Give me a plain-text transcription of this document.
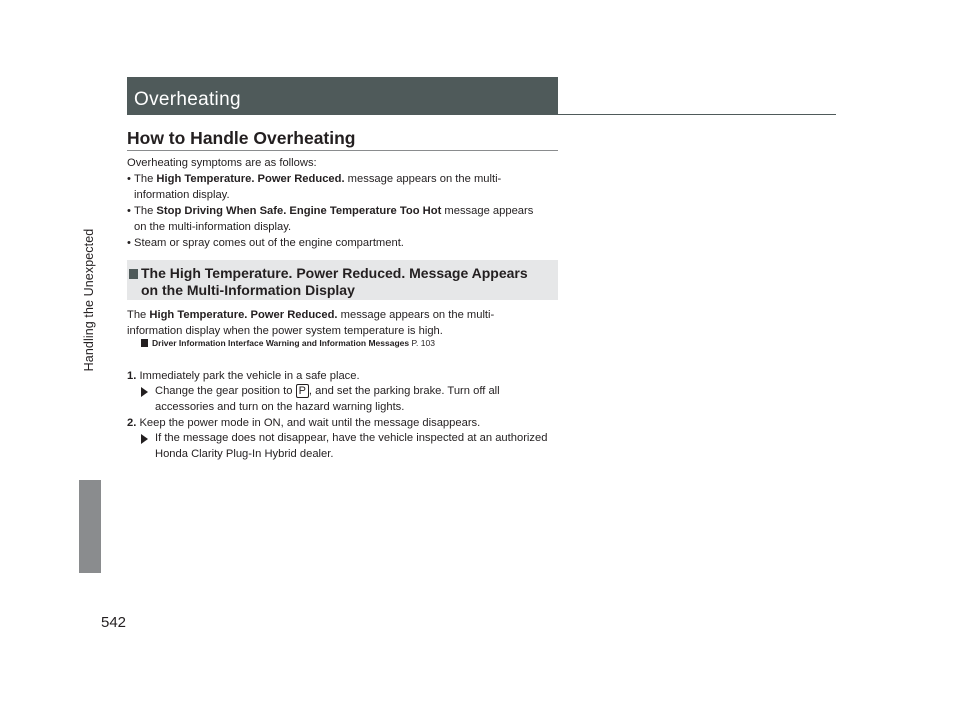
Handling the Unexpected
542
Overheating
How to Handle Overheating
Overheating symptoms are as follows:
• The High Temperature. Power Reduced. message appears on the multi-
information display.
• The Stop Driving When Safe. Engine Temperature Too Hot message appears
on the multi-information display.
• Steam or spray comes out of the engine compartment.
The High Temperature. Power Reduced. Message Appears
on the Multi-Information Display
The High Temperature. Power Reduced. message appears on the multi-
information display when the power system temperature is high.
Driver Information Interface Warning and Information Messages P. 103
1. Immediately park the vehicle in a safe place.
Change the gear position to P , and set the parking brake. Turn off all
accessories and turn on the hazard warning lights.
2. Keep the power mode in ON, and wait until the message disappears.
If the message does not disappear, have the vehicle inspected at an authorized
Honda Clarity Plug-In Hybrid dealer.
